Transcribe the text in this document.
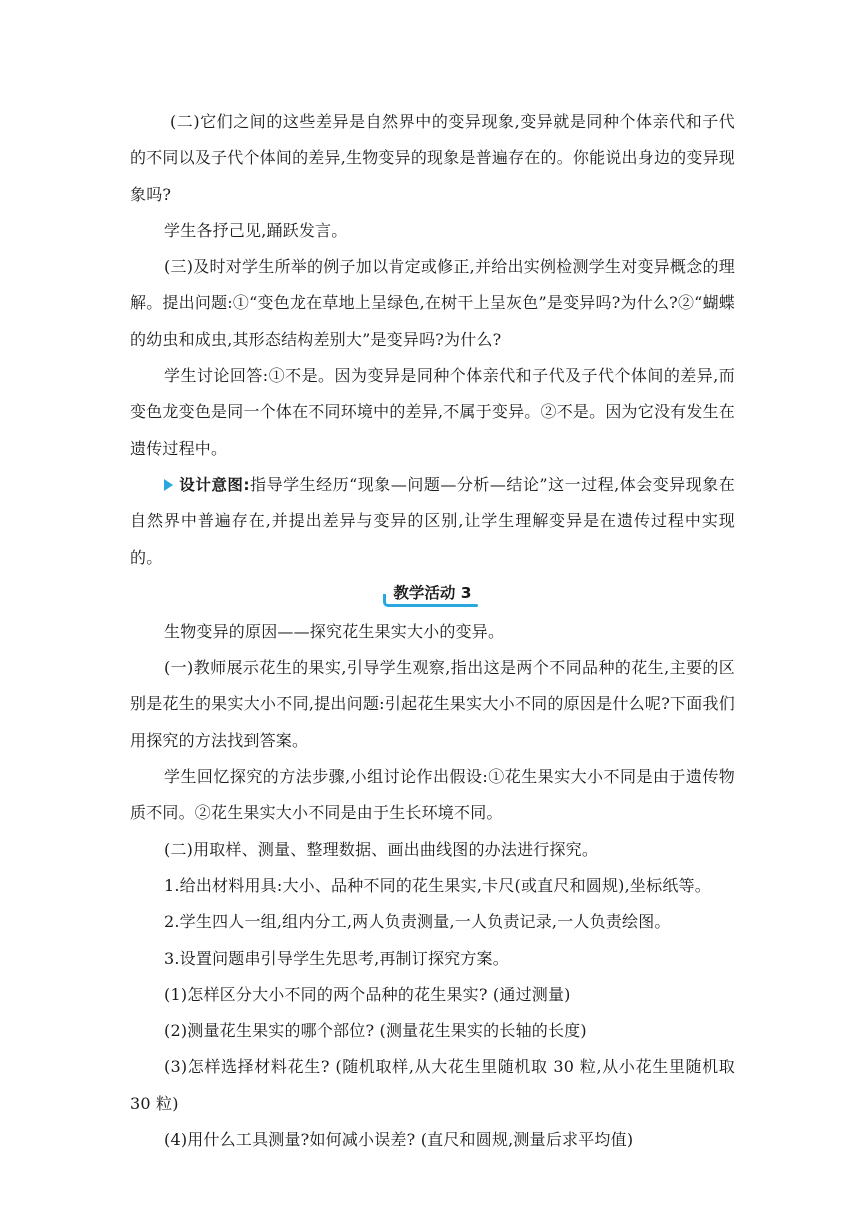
(二)它们之间的这些差异是自然界中的变异现象,变异就是同种个体亲代和子代的不同以及子代个体间的差异,生物变异的现象是普遍存在的。你能说出身边的变异现象吗?

学生各抒己见,踊跃发言。

(三)及时对学生所举的例子加以肯定或修正,并给出实例检测学生对变异概念的理解。提出问题:①“变色龙在草地上呈绿色,在树干上呈灰色”是变异吗?为什么?②“蝴蝶的幼虫和成虫,其形态结构差别大”是变异吗?为什么?

学生讨论回答:①不是。因为变异是同种个体亲代和子代及子代个体间的差异,而变色龙变色是同一个体在不同环境中的差异,不属于变异。②不是。因为它没有发生在遗传过程中。

设计意图:指导学生经历“现象—问题—分析—结论”这一过程,体会变异现象在自然界中普遍存在,并提出差异与变异的区别,让学生理解变异是在遗传过程中实现的。

教学活动 3

生物变异的原因——探究花生果实大小的变异。

(一)教师展示花生的果实,引导学生观察,指出这是两个不同品种的花生,主要的区别是花生的果实大小不同,提出问题:引起花生果实大小不同的原因是什么呢?下面我们用探究的方法找到答案。

学生回忆探究的方法步骤,小组讨论作出假设:①花生果实大小不同是由于遗传物质不同。②花生果实大小不同是由于生长环境不同。

(二)用取样、测量、整理数据、画出曲线图的办法进行探究。

1.给出材料用具:大小、品种不同的花生果实,卡尺(或直尺和圆规),坐标纸等。

2.学生四人一组,组内分工,两人负责测量,一人负责记录,一人负责绘图。

3.设置问题串引导学生先思考,再制订探究方案。

(1)怎样区分大小不同的两个品种的花生果实? (通过测量)

(2)测量花生果实的哪个部位? (测量花生果实的长轴的长度)

(3)怎样选择材料花生? (随机取样,从大花生里随机取 30 粒,从小花生里随机取 30 粒)

(4)用什么工具测量?如何减小误差? (直尺和圆规,测量后求平均值)
